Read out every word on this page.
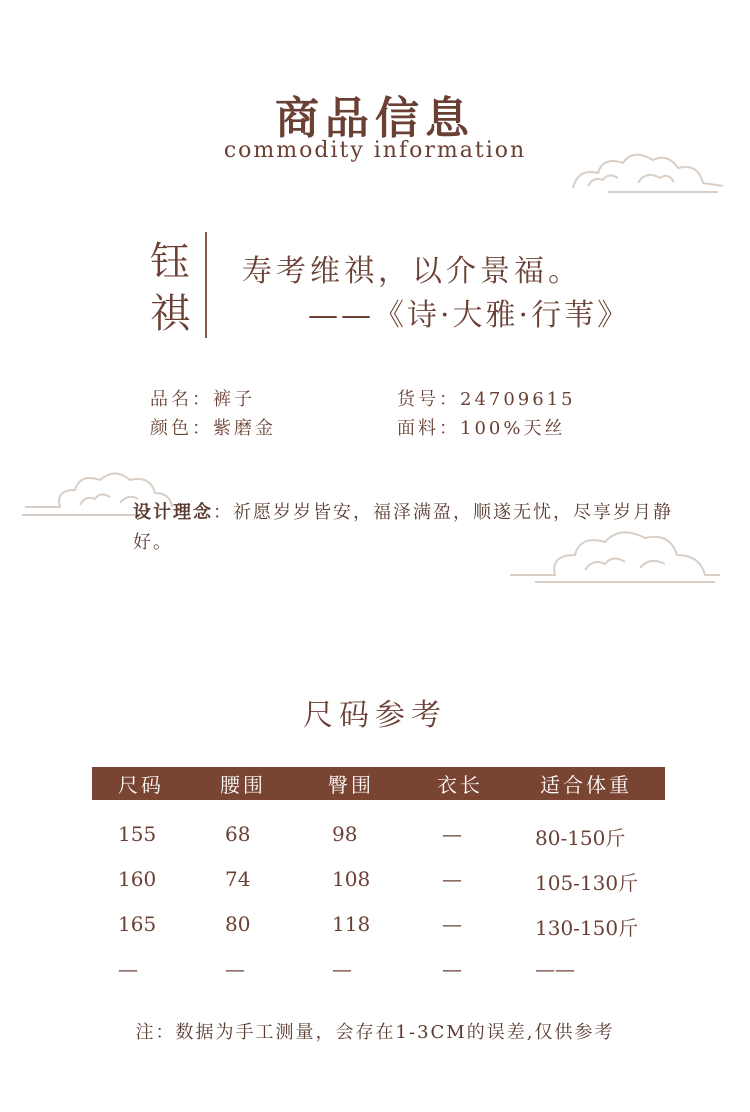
商品信息
commodity information
钰
祺
寿考维祺，以介景福。
——《诗·大雅·行苇》
品名：裤子	货号：24709615
颜色：紫磨金	面料：100%天丝
设计理念：祈愿岁岁皆安，福泽满盈，顺遂无忧，尽享岁月静好。
尺码参考
尺码	腰围	臀围	衣长	适合体重
155	68	98	—	80-150斤
160	74	108	—	105-130斤
165	80	118	—	130-150斤
—	—	—	—	——
注：数据为手工测量，会存在1-3CM的误差,仅供参考
